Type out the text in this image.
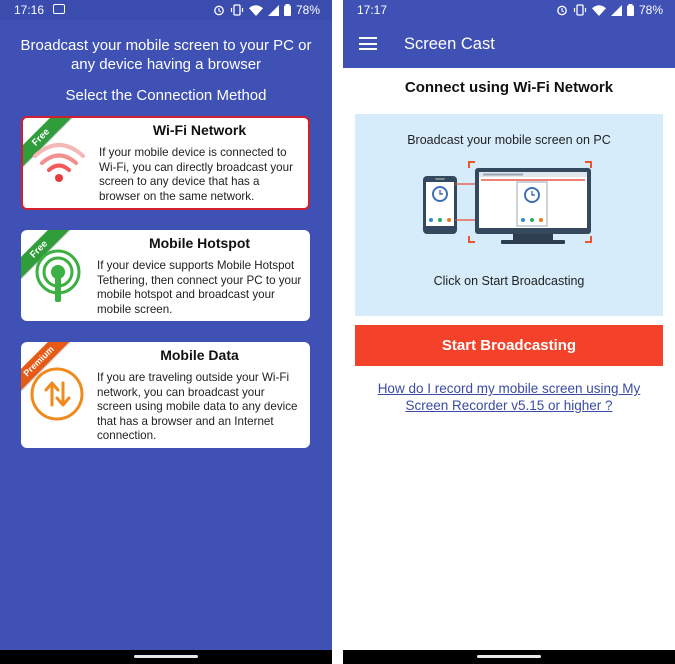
17:16	78%
Broadcast your mobile screen to your PC or any device having a browser
Select the Connection Method
Free	Wi-Fi Network
If your mobile device is connected to Wi-Fi, you can directly broadcast your screen to any device that has a browser on the same network.
Free	Mobile Hotspot
If your device supports Mobile Hotspot Tethering, then connect your PC to your mobile hotspot and broadcast your mobile screen.
Premium	Mobile Data
If you are traveling outside your Wi-Fi network, you can broadcast your screen using mobile data to any device that has a browser and an Internet connection.
17:17	78%
Screen Cast
Connect using Wi-Fi Network
Broadcast your mobile screen on PC
Click on Start Broadcasting
Start Broadcasting
How do I record my mobile screen using My Screen Recorder v5.15 or higher ?
